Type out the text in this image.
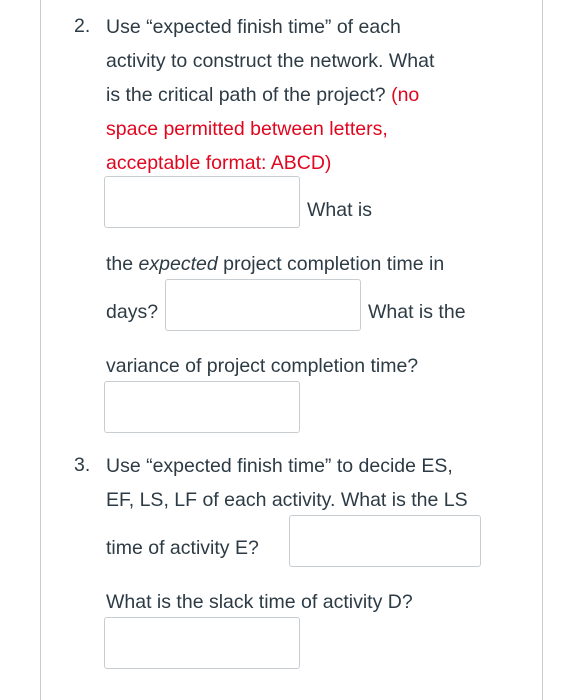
2. Use “expected finish time” of each
activity to construct the network. What
is the critical path of the project? (no
space permitted between letters,
acceptable format: ABCD)
What is
the expected project completion time in
days?	What is the
variance of project completion time?
3. Use “expected finish time” to decide ES,
EF, LS, LF of each activity. What is the LS
time of activity E?
What is the slack time of activity D?
